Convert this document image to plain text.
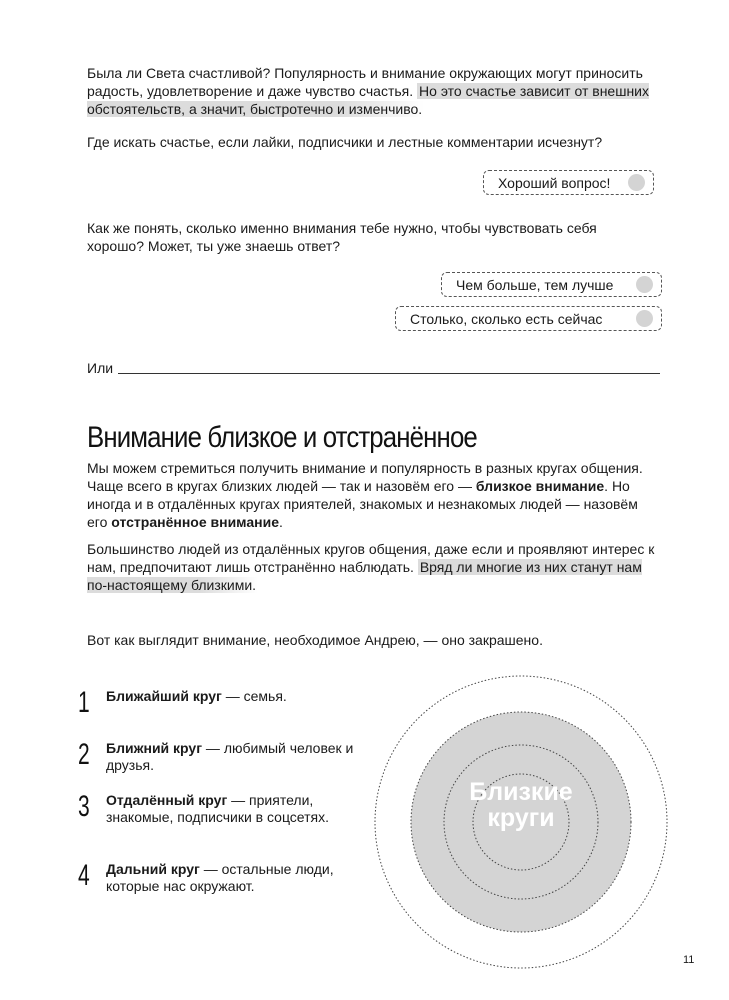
Была ли Света счастливой? Популярность и внимание окружающих могут приносить радость, удовлетворение и даже чувство счастья. Но это счастье зависит от внешних обстоятельств, а значит, быстротечно и изменчиво.

Где искать счастье, если лайки, подписчики и лестные комментарии исчезнут?

Хороший вопрос!

Как же понять, сколько именно внимания тебе нужно, чтобы чувствовать себя хорошо? Может, ты уже знаешь ответ?

Чем больше, тем лучше
Столько, сколько есть сейчас
Или
Внимание близкое и отстранённое

Мы можем стремиться получить внимание и популярность в разных кругах общения. Чаще всего в кругах близких людей — так и назовём его — близкое внимание. Но иногда и в отдалённых кругах приятелей, знакомых и незнакомых людей — назовём его отстранённое внимание.

Большинство людей из отдалённых кругов общения, даже если и проявляют интерес к нам, предпочитают лишь отстранённо наблюдать. Вряд ли многие из них станут нам по-настоящему близкими.

Вот как выглядит внимание, необходимое Андрею, — оно закрашено.

1 Ближайший круг — семья.
2 Ближний круг — любимый человек и друзья.
3 Отдалённый круг — приятели, знакомые, подписчики в соцсетях.
4 Дальний круг — остальные люди, которые нас окружают.
Близкие
круги
11
